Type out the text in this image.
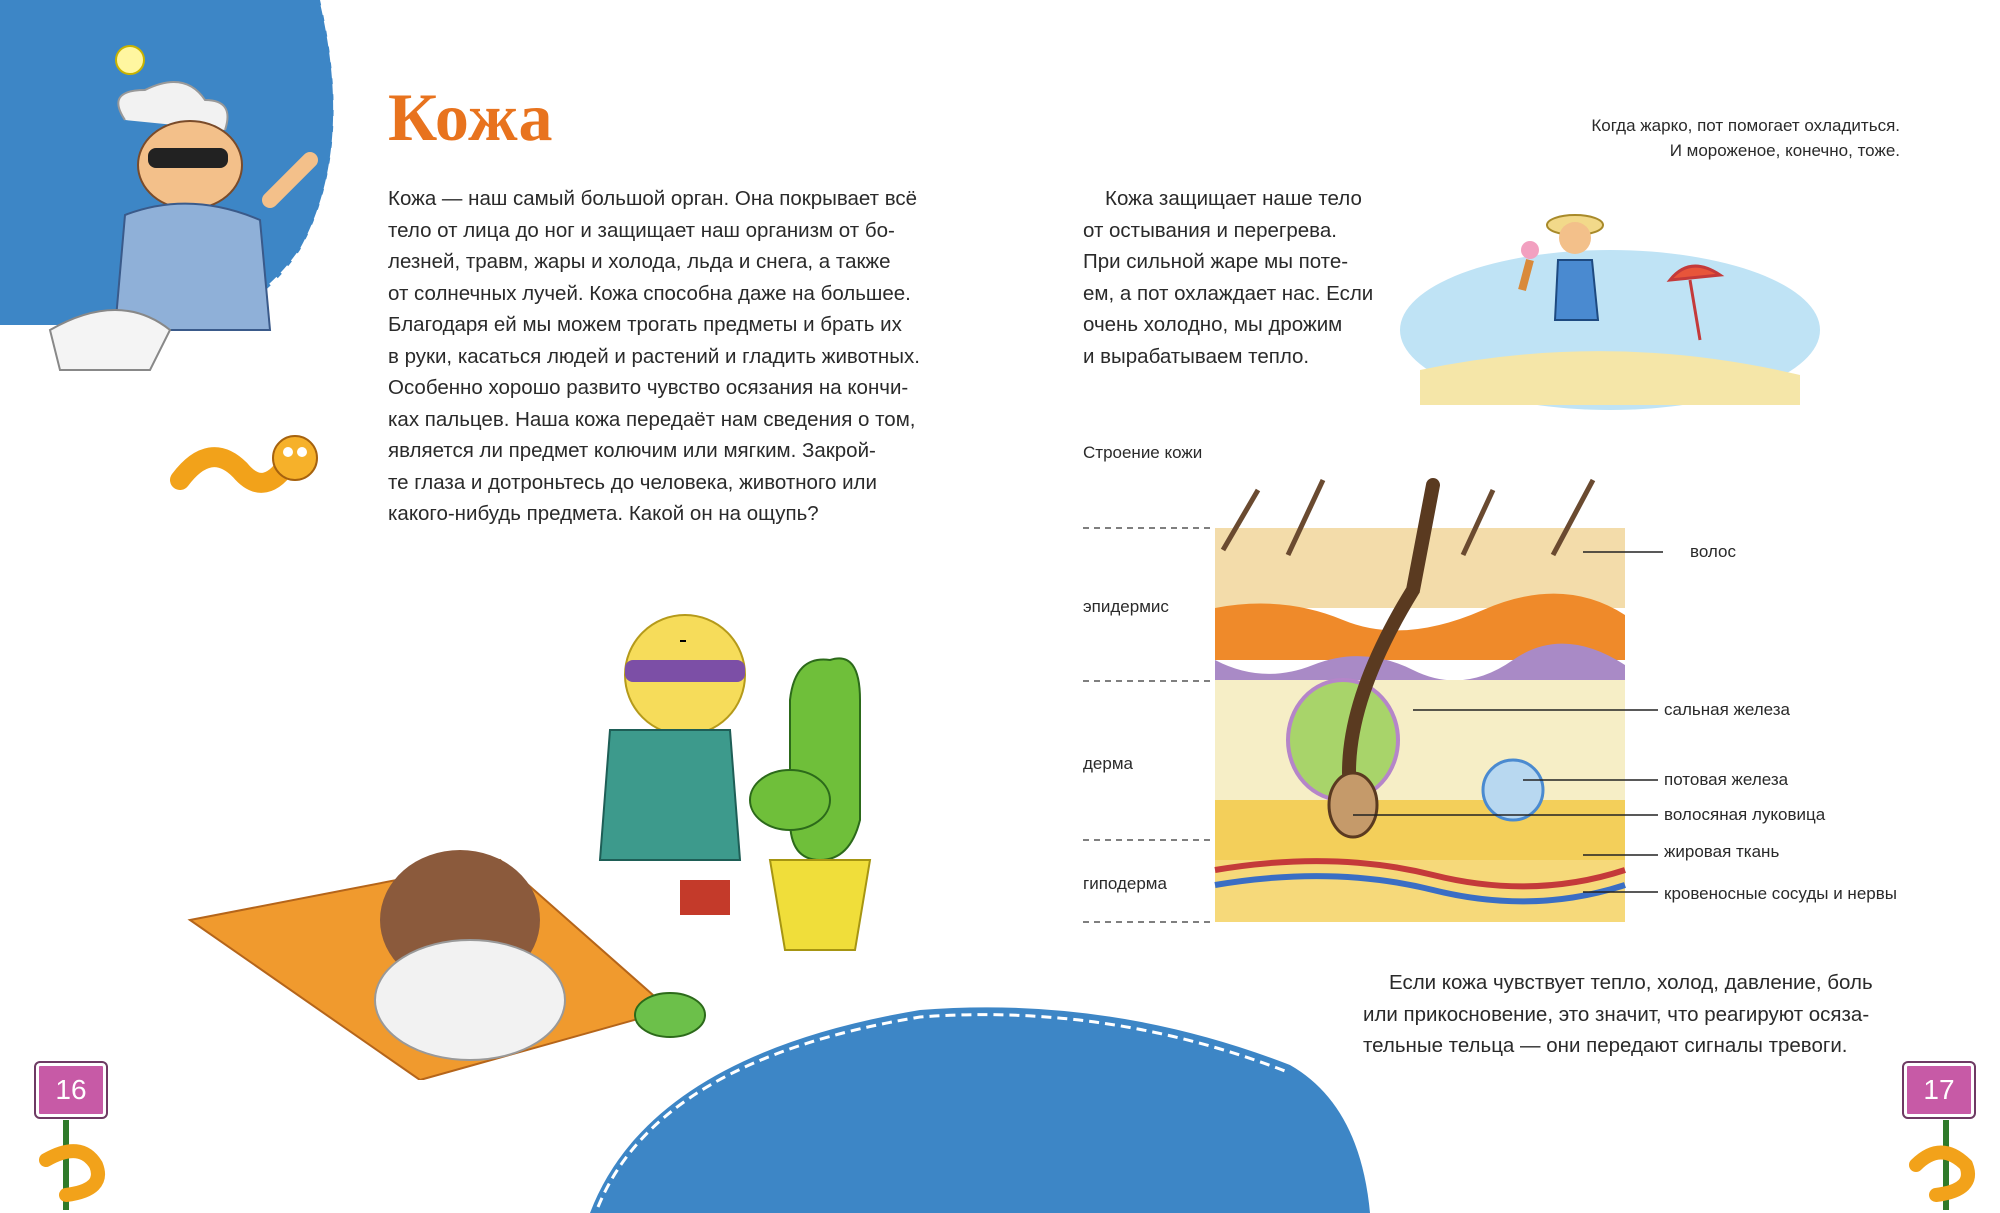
Кожа

Кожа — наш самый большой орган. Она покрывает всё

тело от лица до ног и защищает наш организм от бо-

лезней, травм, жары и холода, льда и снега, а также

от солнечных лучей. Кожа способна даже на большее.

Благодаря ей мы можем трогать предметы и брать их

в руки, касаться людей и растений и гладить животных.

Особенно хорошо развито чувство осязания на кончи-

ках пальцев. Наша кожа передаёт нам сведения о том,

является ли предмет колючим или мягким. Закрой-

те глаза и дотроньтесь до человека, животного или

какого-нибудь предмета. Какой он на ощупь?

Кожа защищает наше тело

от остывания и перегрева.

При сильной жаре мы поте-

ем, а пот охлаждает нас. Если

очень холодно, мы дрожим

и вырабатываем тепло.

Когда жарко, пот помогает охладиться.

И мороженое, конечно, тоже.

Строение кожи
эпидермис
дерма
гиподерма
волос
сальная железа
потовая железа
волосяная луковица
жировая ткань
кровеносные сосуды и нервы

Если кожа чувствует тепло, холод, давление, боль

или прикосновение, это значит, что реагируют осяза-

тельные тельца — они передают сигналы тревоги.

16	17
